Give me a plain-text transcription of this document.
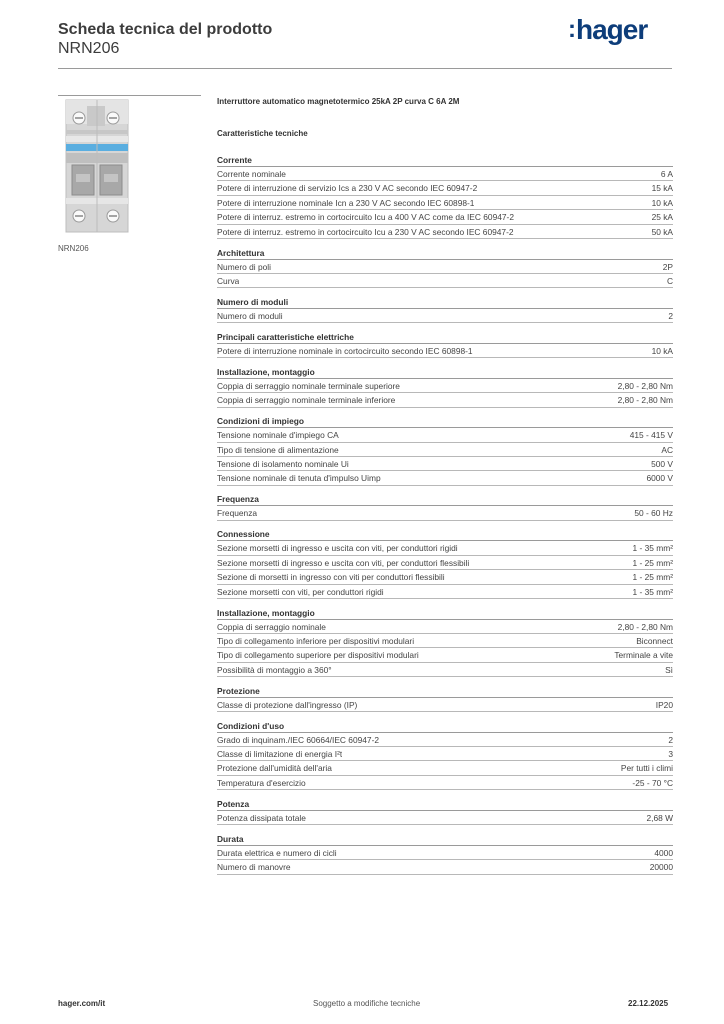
Scheda tecnica del prodotto
NRN206
:hager
NRN206
Interruttore automatico magnetotermico 25kA 2P curva C 6A 2M
Caratteristiche tecniche
Corrente
Corrente nominale	6 A
Potere di interruzione di servizio Ics a 230 V AC secondo IEC 60947-2	15 kA
Potere di interruzione nominale Icn a 230 V AC secondo IEC 60898-1	10 kA
Potere di interruz. estremo in cortocircuito Icu a 400 V AC come da IEC 60947-2	25 kA
Potere di interruz. estremo in cortocircuito Icu a 230 V AC secondo IEC 60947-2	50 kA
Architettura
Numero di poli	2P
Curva	C
Numero di moduli
Numero di moduli	2
Principali caratteristiche elettriche
Potere di interruzione nominale in cortocircuito secondo IEC 60898-1	10 kA
Installazione, montaggio
Coppia di serraggio nominale terminale superiore	2,80 - 2,80 Nm
Coppia di serraggio nominale terminale inferiore	2,80 - 2,80 Nm
Condizioni di impiego
Tensione nominale d'impiego CA	415 - 415 V
Tipo di tensione di alimentazione	AC
Tensione di isolamento nominale Ui	500 V
Tensione nominale di tenuta d'impulso Uimp	6000 V
Frequenza
Frequenza	50 - 60 Hz
Connessione
Sezione morsetti di ingresso e uscita con viti, per conduttori rigidi	1 - 35 mm²
Sezione morsetti di ingresso e uscita con viti, per conduttori flessibili	1 - 25 mm²
Sezione di morsetti in ingresso con viti per conduttori flessibili	1 - 25 mm²
Sezione morsetti con viti, per conduttori rigidi	1 - 35 mm²
Installazione, montaggio
Coppia di serraggio nominale	2,80 - 2,80 Nm
Tipo di collegamento inferiore per dispositivi modulari	Biconnect
Tipo di collegamento superiore per dispositivi modulari	Terminale a vite
Possibilità di montaggio a 360°	Sì
Protezione
Classe di protezione dall'ingresso (IP)	IP20
Condizioni d'uso
Grado di inquinam./IEC 60664/IEC 60947-2	2
Classe di limitazione di energia I²t	3
Protezione dall'umidità dell'aria	Per tutti i climi
Temperatura d'esercizio	-25 - 70 °C
Potenza
Potenza dissipata totale	2,68 W
Durata
Durata elettrica e numero di cicli	4000
Numero di manovre	20000
hager.com/it	Soggetto a modifiche tecniche	22.12.2025
